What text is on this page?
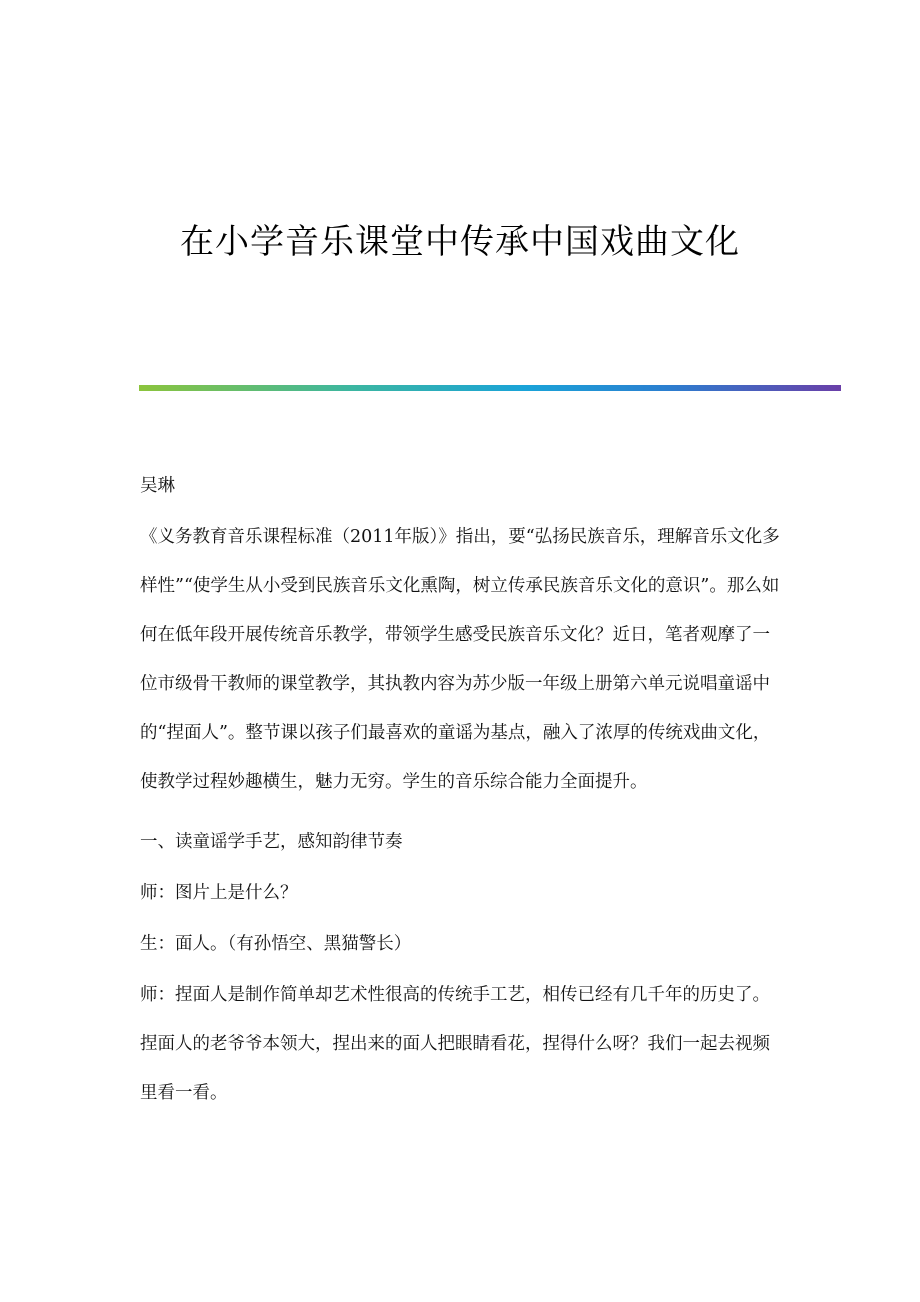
在小学音乐课堂中传承中国戏曲文化

吴琳

《义务教育音乐课程标准（2011年版）》指出，要“弘扬民族音乐，理解音乐文化多样性”“使学生从小受到民族音乐文化熏陶，树立传承民族音乐文化的意识”。那么如何在低年段开展传统音乐教学，带领学生感受民族音乐文化？近日，笔者观摩了一位市级骨干教师的课堂教学，其执教内容为苏少版一年级上册第六单元说唱童谣中的“捏面人”。整节课以孩子们最喜欢的童谣为基点，融入了浓厚的传统戏曲文化，使教学过程妙趣横生，魅力无穷。学生的音乐综合能力全面提升。

一、读童谣学手艺，感知韵律节奏

师：图片上是什么？

生：面人。（有孙悟空、黑猫警长）

师：捏面人是制作简单却艺术性很高的传统手工艺，相传已经有几千年的历史了。捏面人的老爷爷本领大，捏出来的面人把眼睛看花，捏得什么呀？我们一起去视频里看一看。
